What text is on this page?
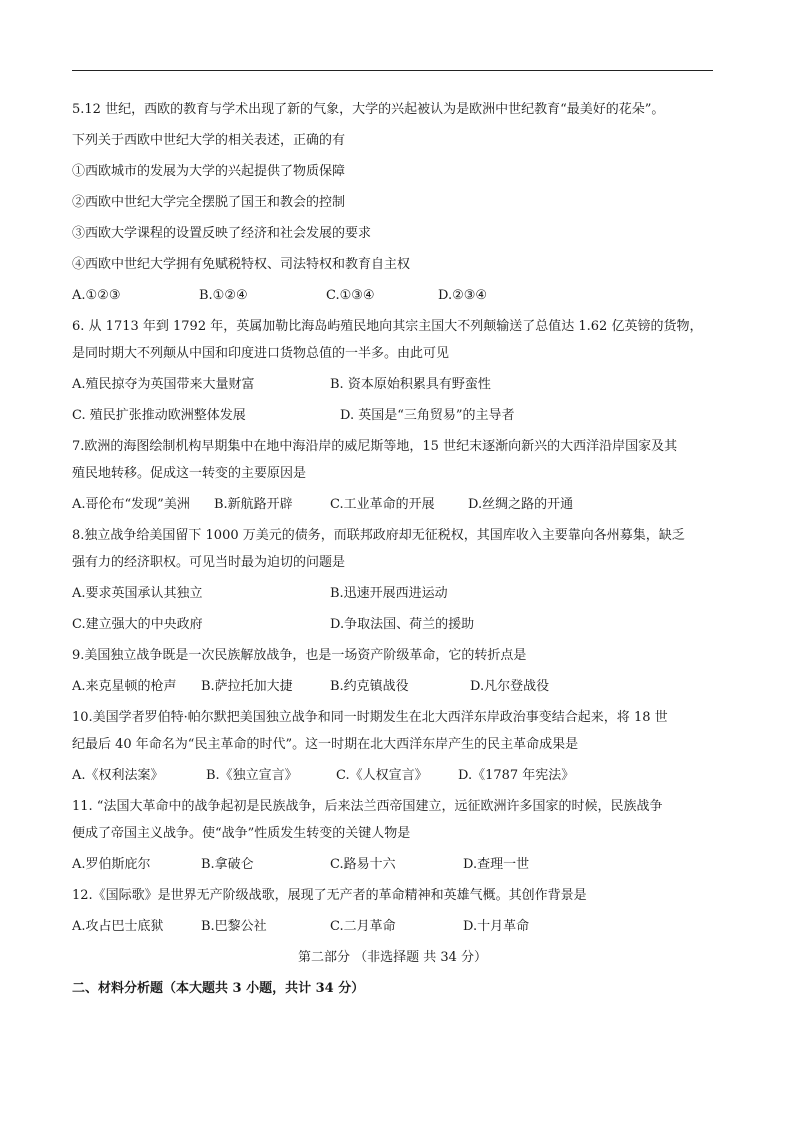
5.12 世纪，西欧的教育与学术出现了新的气象，大学的兴起被认为是欧洲中世纪教育“最美好的花朵”。
下列关于西欧中世纪大学的相关表述，正确的有
①西欧城市的发展为大学的兴起提供了物质保障
②西欧中世纪大学完全摆脱了国王和教会的控制
③西欧大学课程的设置反映了经济和社会发展的要求
④西欧中世纪大学拥有免赋税特权、司法特权和教育自主权
A.①②③	B.①②④	C.①③④	D.②③④
6. 从 1713 年到 1792 年，英属加勒比海岛屿殖民地向其宗主国大不列颠输送了总值达 1.62 亿英镑的货物，
是同时期大不列颠从中国和印度进口货物总值的一半多。由此可见
A.殖民掠夺为英国带来大量财富	B. 资本原始积累具有野蛮性
C. 殖民扩张推动欧洲整体发展	D. 英国是“三角贸易”的主导者
7.欧洲的海图绘制机构早期集中在地中海沿岸的威尼斯等地，15 世纪末逐渐向新兴的大西洋沿岸国家及其
殖民地转移。促成这一转变的主要原因是
A.哥伦布“发现”美洲 B.新航路开辟	C.工业革命的开展	D.丝绸之路的开通
8.独立战争给美国留下 1000 万美元的债务，而联邦政府却无征税权，其国库收入主要靠向各州募集，缺乏
强有力的经济职权。可见当时最为迫切的问题是
A.要求英国承认其独立	B.迅速开展西进运动
C.建立强大的中央政府	D.争取法国、荷兰的援助
9.美国独立战争既是一次民族解放战争，也是一场资产阶级革命，它的转折点是
A.来克星顿的枪声 B.萨拉托加大捷	B.约克镇战役	D.凡尔登战役
10.美国学者罗伯特·帕尔默把美国独立战争和同一时期发生在北大西洋东岸政治事变结合起来，将 18 世
纪最后 40 年命名为“民主革命的时代”。这一时期在北大西洋东岸产生的民主革命成果是
A.《权利法案》	B.《独立宣言》	C.《人权宣言》 D.《1787 年宪法》
11. “法国大革命中的战争起初是民族战争，后来法兰西帝国建立，远征欧洲许多国家的时候，民族战争
便成了帝国主义战争。使“战争”性质发生转变的关键人物是
A.罗伯斯庇尔	B.拿破仑	C.路易十六	D.查理一世
12.《国际歌》是世界无产阶级战歌，展现了无产者的革命精神和英雄气概。其创作背景是
A.攻占巴士底狱	B.巴黎公社	C.二月革命	D.十月革命
第二部分 （非选择题 共 34 分）
二、材料分析题（本大题共 3 小题，共计 34 分）
